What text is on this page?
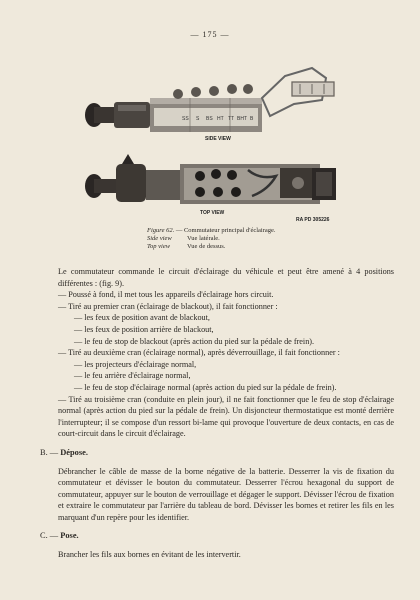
— 175 —
SS S BS HT TT BHT B
SIDE VIEW
TOP VIEW
RA PD 305226
Figure 62. — Commutateur principal d'éclairage.
Side view	Vue latérale.
Top view	Vue de dessus.

Le commutateur commande le circuit d'éclairage du véhicule et peut être amené à 4 positions différentes : (fig. 9).

— Poussé à fond, il met tous les appareils d'éclairage hors circuit.

— Tiré au premier cran (éclairage de blackout), il fait fonctionner :

— les feux de position avant de blackout,

— les feux de position arrière de blackout,

— le feu de stop de blackout (après action du pied sur la pédale de frein).

— Tiré au deuxième cran (éclairage normal), après déverrouillage, il fait fonctionner :

— les projecteurs d'éclairage normal,

— le feu arrière d'éclairage normal,

— le feu de stop d'éclairage normal (après action du pied sur la pédale de frein).

— Tiré au troisième cran (conduite en plein jour), il ne fait fonctionner que le feu de stop d'éclairage normal (après action du pied sur la pédale de frein). Un disjoncteur thermostatique est monté derrière l'interrupteur; il se compose d'un ressort bi-lame qui provoque l'ouverture de deux contacts, en cas de court-circuit dans le circuit d'éclairage.

B. — Dépose.

Débrancher le câble de masse de la borne négative de la batterie. Desserrer la vis de fixation du commutateur et dévisser le bouton du commutateur. Desserrer l'écrou hexagonal du support de commutateur, appuyer sur le bouton de verrouillage et dégager le support. Dévisser l'écrou de fixation et extraire le commutateur par l'arrière du tableau de bord. Dévisser les bornes et retirer les fils en les marquant d'un repère pour les identifier.

C. — Pose.

Brancher les fils aux bornes en évitant de les intervertir.
